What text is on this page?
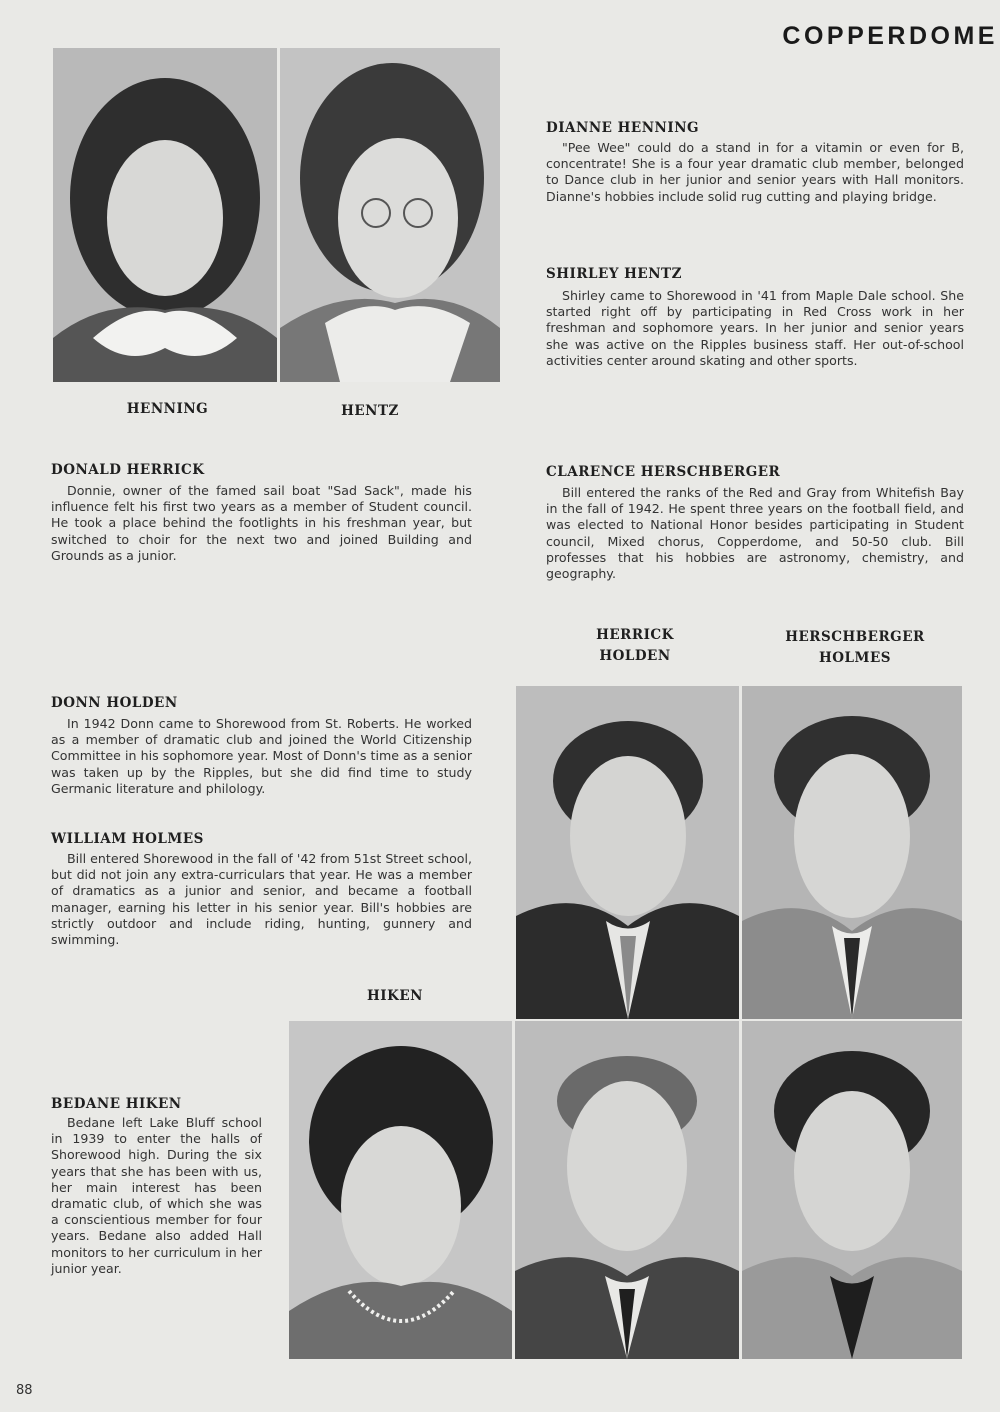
COPPERDOME
HENNING	HENTZ
DIANNE HENNING
"Pee Wee" could do a stand in for a vitamin or even for B, concentrate! She is a four year dramatic club member, belonged to Dance club in her junior and senior years with Hall monitors. Dianne's hobbies include solid rug cutting and playing bridge.
SHIRLEY HENTZ
Shirley came to Shorewood in '41 from Maple Dale school. She started right off by participating in Red Cross work in her freshman and sophomore years. In her junior and senior years she was active on the Ripples business staff. Her out-of-school activities center around skating and other sports.
DONALD HERRICK
Donnie, owner of the famed sail boat "Sad Sack", made his influence felt his first two years as a member of Student council. He took a place behind the footlights in his freshman year, but switched to choir for the next two and joined Building and Grounds as a junior.
CLARENCE HERSCHBERGER
Bill entered the ranks of the Red and Gray from Whitefish Bay in the fall of 1942. He spent three years on the football field, and was elected to National Honor besides participating in Student council, Mixed chorus, Copperdome, and 50-50 club. Bill professes that his hobbies are astronomy, chemistry, and geography.
HERRICK
HOLDEN
HERSCHBERGER
HOLMES
DONN HOLDEN
In 1942 Donn came to Shorewood from St. Roberts. He worked as a member of dramatic club and joined the World Citizenship Committee in his sophomore year. Most of Donn's time as a senior was taken up by the Ripples, but she did find time to study Germanic literature and philology.
WILLIAM HOLMES
Bill entered Shorewood in the fall of '42 from 51st Street school, but did not join any extra-curriculars that year. He was a member of dramatics as a junior and senior, and became a football manager, earning his letter in his senior year. Bill's hobbies are strictly outdoor and include riding, hunting, gunnery and swimming.
HIKEN
BEDANE HIKEN
Bedane left Lake Bluff school in 1939 to enter the halls of Shorewood high. During the six years that she has been with us, her main interest has been dramatic club, of which she was a conscientious member for four years. Bedane also added Hall monitors to her curriculum in her junior year.
88
